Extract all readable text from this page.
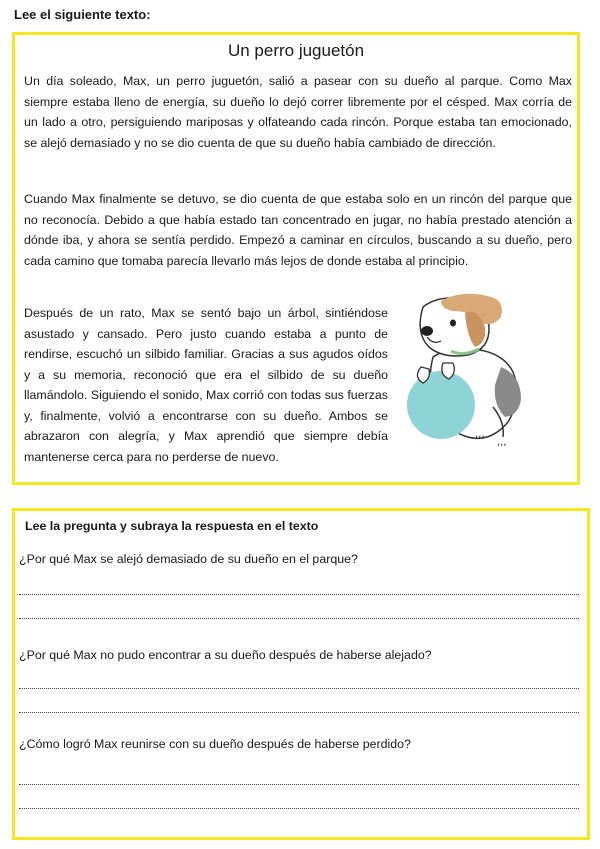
Lee el siguiente texto:
Un perro juguetón

Un día soleado, Max, un perro juguetón, salió a pasear con su dueño al parque. Como Max siempre estaba lleno de energía, su dueño lo dejó correr libremente por el césped. Max corría de un lado a otro, persiguiendo mariposas y olfateando cada rincón. Porque estaba tan emocionado, se alejó demasiado y no se dio cuenta de que su dueño había cambiado de dirección.

Cuando Max finalmente se detuvo, se dio cuenta de que estaba solo en un rincón del parque que no reconocía. Debido a que había estado tan concentrado en jugar, no había prestado atención a dónde iba, y ahora se sentía perdido. Empezó a caminar en círculos, buscando a su dueño, pero cada camino que tomaba parecía llevarlo más lejos de donde estaba al principio.

Después de un rato, Max se sentó bajo un árbol, sintiéndose asustado y cansado. Pero justo cuando estaba a punto de rendirse, escuchó un silbido familiar. Gracias a sus agudos oídos y a su memoria, reconoció que era el silbido de su dueño llamándolo. Siguiendo el sonido, Max corrió con todas sus fuerzas y, finalmente, volvió a encontrarse con su dueño. Ambos se abrazaron con alegría, y Max aprendió que siempre debía mantenerse cerca para no perderse de nuevo.

,,,
,,,
Lee la pregunta y subraya la respuesta en el texto
¿Por qué Max se alejó demasiado de su dueño en el parque?
¿Por qué Max no pudo encontrar a su dueño después de haberse alejado?
¿Cómo logró Max reunirse con su dueño después de haberse perdido?
